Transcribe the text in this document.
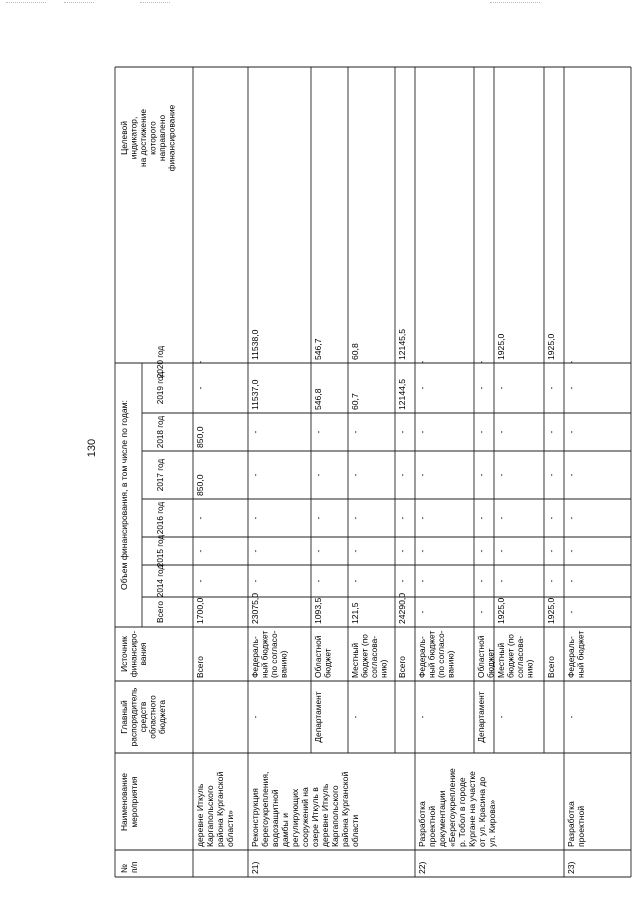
130
№п/п
Наименованиемероприятия
Главныйраспорядительсредствобластногобюджета
Источникфинансиро-вания
Объем финансирования, в том числе по годам:
Всего
2014 год
2015 год
2016 год
2017 год
2018 год
2019 год
2020 год
Целевойиндикатор,на достижениекоторогонаправленофинансирование
деревне ИткульКаргапольскогорайона Курганскойобласти»
Всего
1700,0
-
-
-
850,0
850,0
-
-
21)
Реконструкцияберегоукрепления,водозащитнойдамбы ирегулирующихсооружений наозере Иткуль вдеревне ИткульКаргапольскогорайона Курганскойобласти
-
Федераль-ный бюджет(по согласо-ванию)
23075,0
-
-
-
-
-
11537,0
11538,0
Департамент
Областнойбюджет
1093,5
-
-
-
-
-
546,8
546,7
-
Местныйбюджет (посогласова-нию)
121,5
-
-
-
-
-
60,7
60,8
Всего
24290,0
-
-
-
-
-
12144,5
12145,5
22)
Разработкапроектнойдокументации«Берегоукреплениер. Тобол в городеКургане на участкеот ул. Красина доул. Кирова»
-
Федераль-ный бюджет(по согласо-ванию)
-
-
-
-
-
-
-
-
Департамент
Областнойбюджет
-
-
-
-
-
-
-
-
-
Местныйбюджет (посогласова-нию)
1925,0
-
-
-
-
-
-
1925,0
Всего
1925,0
-
-
-
-
-
-
1925,0
23)
Разработкапроектной
-
Федераль-ный бюджет
-
-
-
-
-
-
-
-
